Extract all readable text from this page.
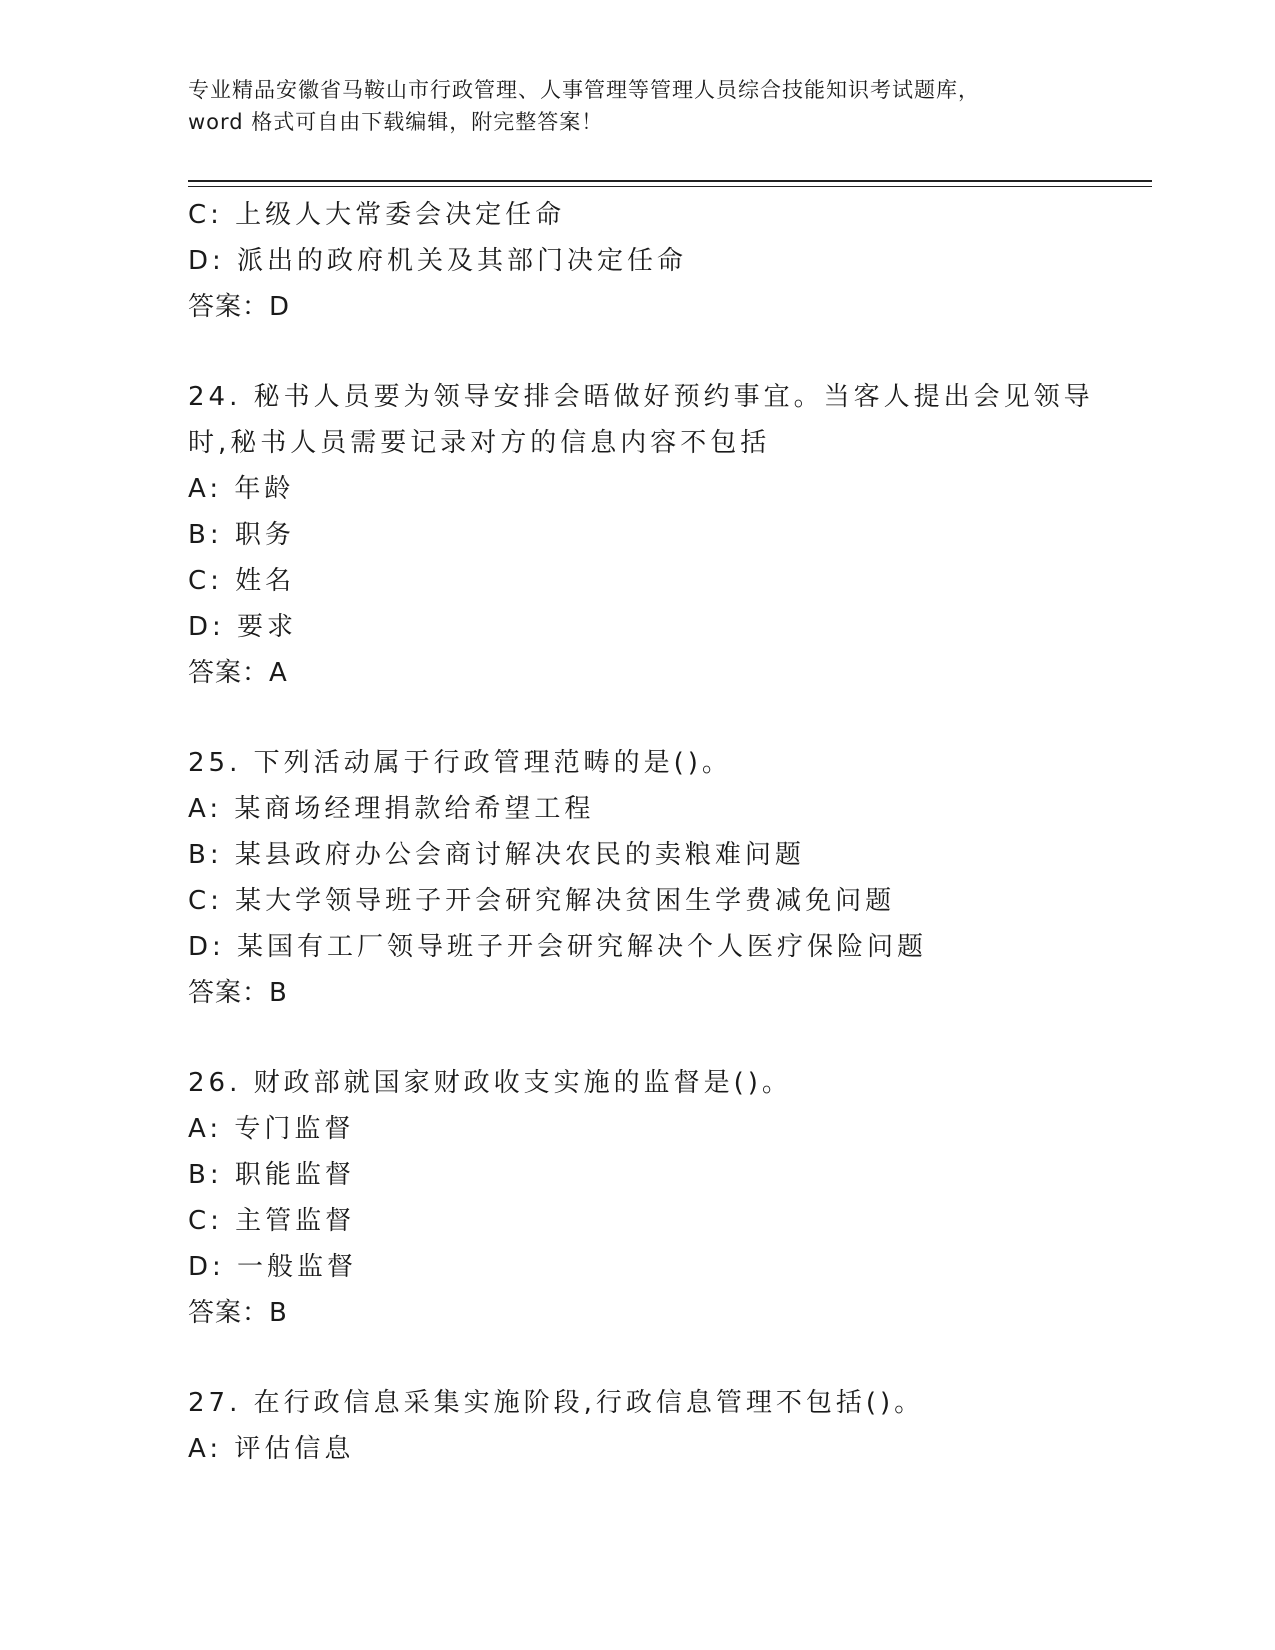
专业精品安徽省马鞍山市行政管理、人事管理等管理人员综合技能知识考试题库，
word 格式可自由下载编辑，附完整答案！
C: 上级人大常委会决定任命
D: 派出的政府机关及其部门决定任命
答案：D
24. 秘书人员要为领导安排会晤做好预约事宜。当客人提出会见领导
时,秘书人员需要记录对方的信息内容不包括
A: 年龄
B: 职务
C: 姓名
D: 要求
答案：A
25. 下列活动属于行政管理范畴的是()。
A: 某商场经理捐款给希望工程
B: 某县政府办公会商讨解决农民的卖粮难问题
C: 某大学领导班子开会研究解决贫困生学费减免问题
D: 某国有工厂领导班子开会研究解决个人医疗保险问题
答案：B
26. 财政部就国家财政收支实施的监督是()。
A: 专门监督
B: 职能监督
C: 主管监督
D: 一般监督
答案：B
27. 在行政信息采集实施阶段,行政信息管理不包括()。
A: 评估信息
